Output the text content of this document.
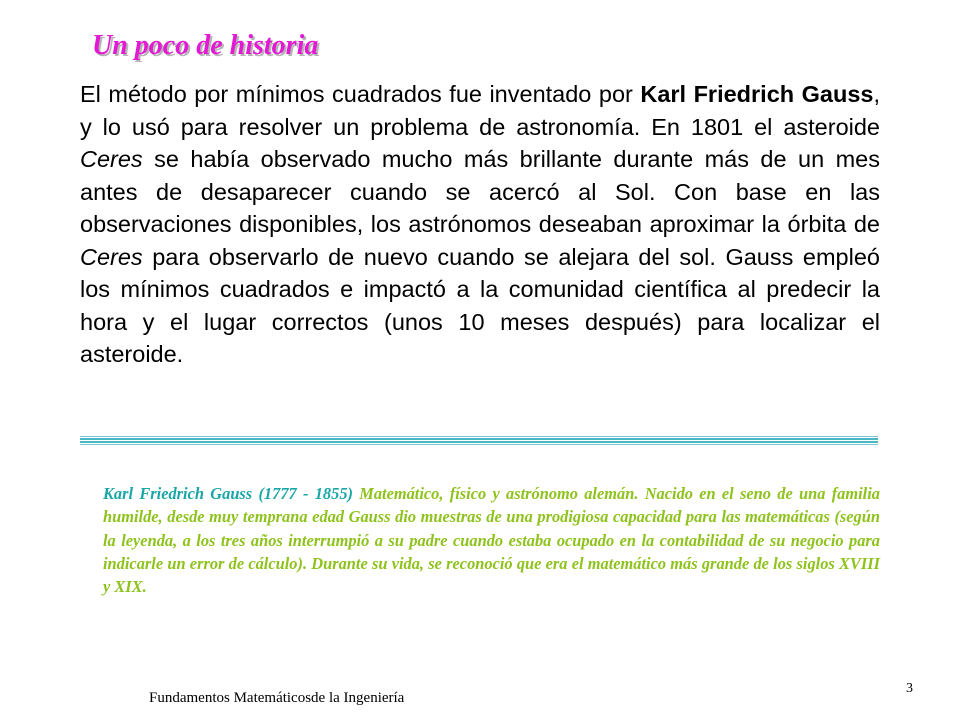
Un poco de historia

El método por mínimos cuadrados fue inventado por Karl Friedrich Gauss, y lo usó para resolver un problema de astronomía. En 1801 el asteroide Ceres se había observado mucho más brillante durante más de un mes antes de desaparecer cuando se acercó al Sol. Con base en las observaciones disponibles, los astrónomos deseaban aproximar la órbita de Ceres para observarlo de nuevo cuando se alejara del sol. Gauss empleó los mínimos cuadrados e impactó a la comunidad científica al predecir la hora y el lugar correctos (unos 10 meses después) para localizar el asteroide.

Karl Friedrich Gauss (1777 - 1855) Matemático, físico y astrónomo alemán. Nacido en el seno de una familia humilde, desde muy temprana edad Gauss dio muestras de una prodigiosa capacidad para las matemáticas (según la leyenda, a los tres años interrumpió a su padre cuando estaba ocupado en la contabilidad de su negocio para indicarle un error de cálculo). Durante su vida, se reconoció que era el matemático más grande de los siglos XVIII y XIX.

Fundamentos Matemáticosde la Ingeniería
3
